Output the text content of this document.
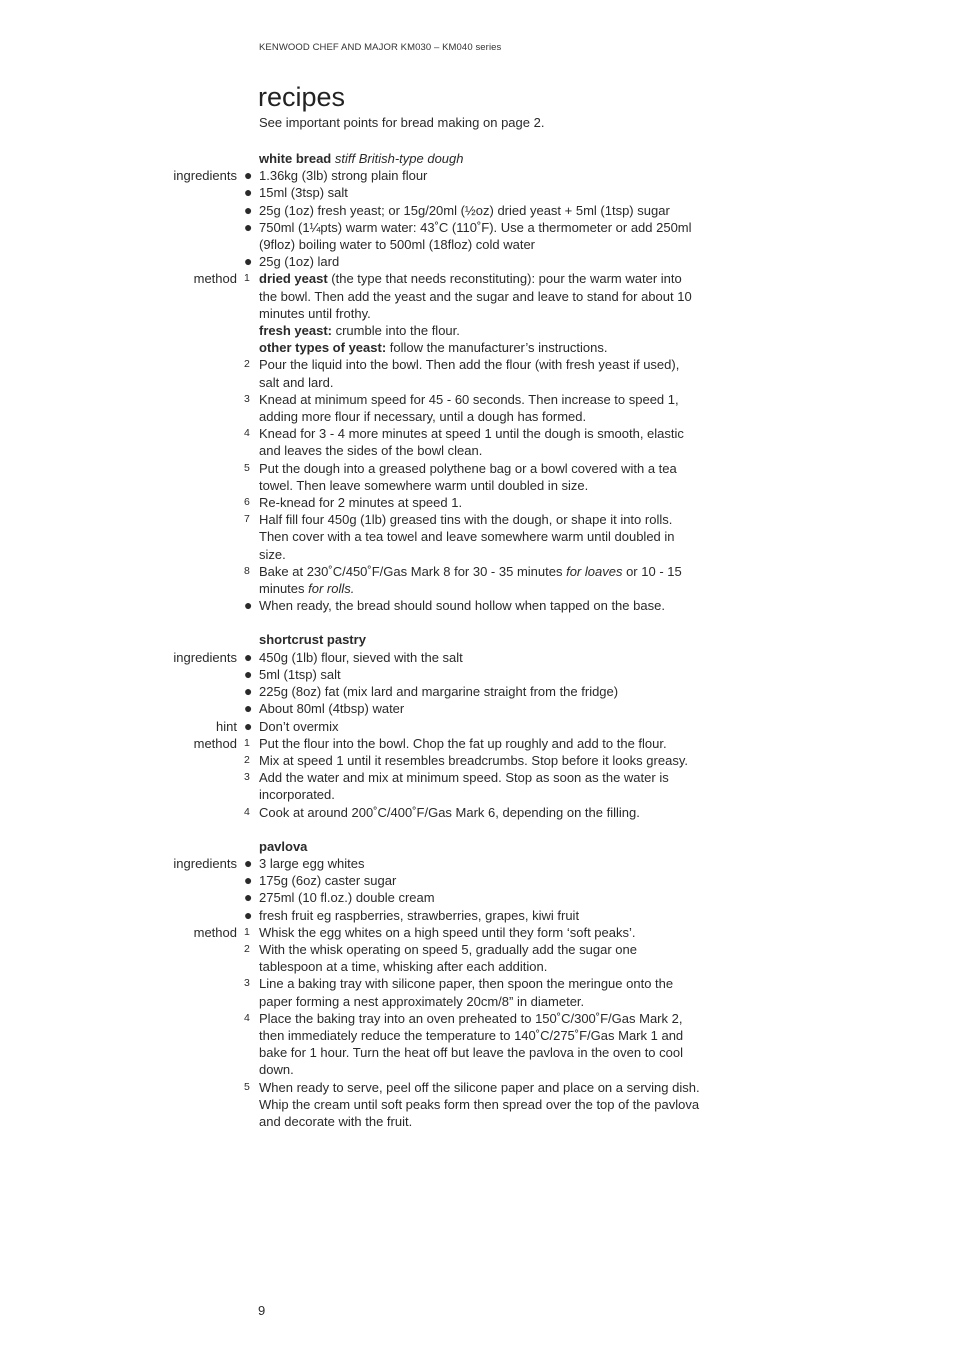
KENWOOD CHEF AND MAJOR KM030 – KM040 series
recipes
See important points for bread making on page 2.
white bread stiff British-type dough
ingredients ● 1.36kg (3lb) strong plain flour
● 15ml (3tsp) salt
● 25g (1oz) fresh yeast; or 15g/20ml (½oz) dried yeast + 5ml (1tsp) sugar
● 750ml (1¼pts) warm water: 43˚C (110˚F). Use a thermometer or add 250ml (9floz) boiling water to 500ml (18floz) cold water
● 25g (1oz) lard
method 1 dried yeast (the type that needs reconstituting): pour the warm water into the bowl. Then add the yeast and the sugar and leave to stand for about 10 minutes until frothy.
fresh yeast: crumble into the flour.
other types of yeast: follow the manufacturer’s instructions.
2 Pour the liquid into the bowl. Then add the flour (with fresh yeast if used), salt and lard.
3 Knead at minimum speed for 45 - 60 seconds. Then increase to speed 1, adding more flour if necessary, until a dough has formed.
4 Knead for 3 - 4 more minutes at speed 1 until the dough is smooth, elastic and leaves the sides of the bowl clean.
5 Put the dough into a greased polythene bag or a bowl covered with a tea towel. Then leave somewhere warm until doubled in size.
6 Re-knead for 2 minutes at speed 1.
7 Half fill four 450g (1lb) greased tins with the dough, or shape it into rolls. Then cover with a tea towel and leave somewhere warm until doubled in size.
8 Bake at 230˚C/450˚F/Gas Mark 8 for 30 - 35 minutes for loaves or 10 - 15 minutes for rolls.
● When ready, the bread should sound hollow when tapped on the base.
shortcrust pastry
ingredients ● 450g (1lb) flour, sieved with the salt
● 5ml (1tsp) salt
● 225g (8oz) fat (mix lard and margarine straight from the fridge)
● About 80ml (4tbsp) water
hint ● Don’t overmix
method 1 Put the flour into the bowl. Chop the fat up roughly and add to the flour.
2 Mix at speed 1 until it resembles breadcrumbs. Stop before it looks greasy.
3 Add the water and mix at minimum speed. Stop as soon as the water is incorporated.
4 Cook at around 200˚C/400˚F/Gas Mark 6, depending on the filling.
pavlova
ingredients ● 3 large egg whites
● 175g (6oz) caster sugar
● 275ml (10 fl.oz.) double cream
● fresh fruit eg raspberries, strawberries, grapes, kiwi fruit
method 1 Whisk the egg whites on a high speed until they form ‘soft peaks’.
2 With the whisk operating on speed 5, gradually add the sugar one tablespoon at a time, whisking after each addition.
3 Line a baking tray with silicone paper, then spoon the meringue onto the paper forming a nest approximately 20cm/8” in diameter.
4 Place the baking tray into an oven preheated to 150˚C/300˚F/Gas Mark 2, then immediately reduce the temperature to 140˚C/275˚F/Gas Mark 1 and bake for 1 hour. Turn the heat off but leave the pavlova in the oven to cool down.
5 When ready to serve, peel off the silicone paper and place on a serving dish. Whip the cream until soft peaks form then spread over the top of the pavlova and decorate with the fruit.
9
